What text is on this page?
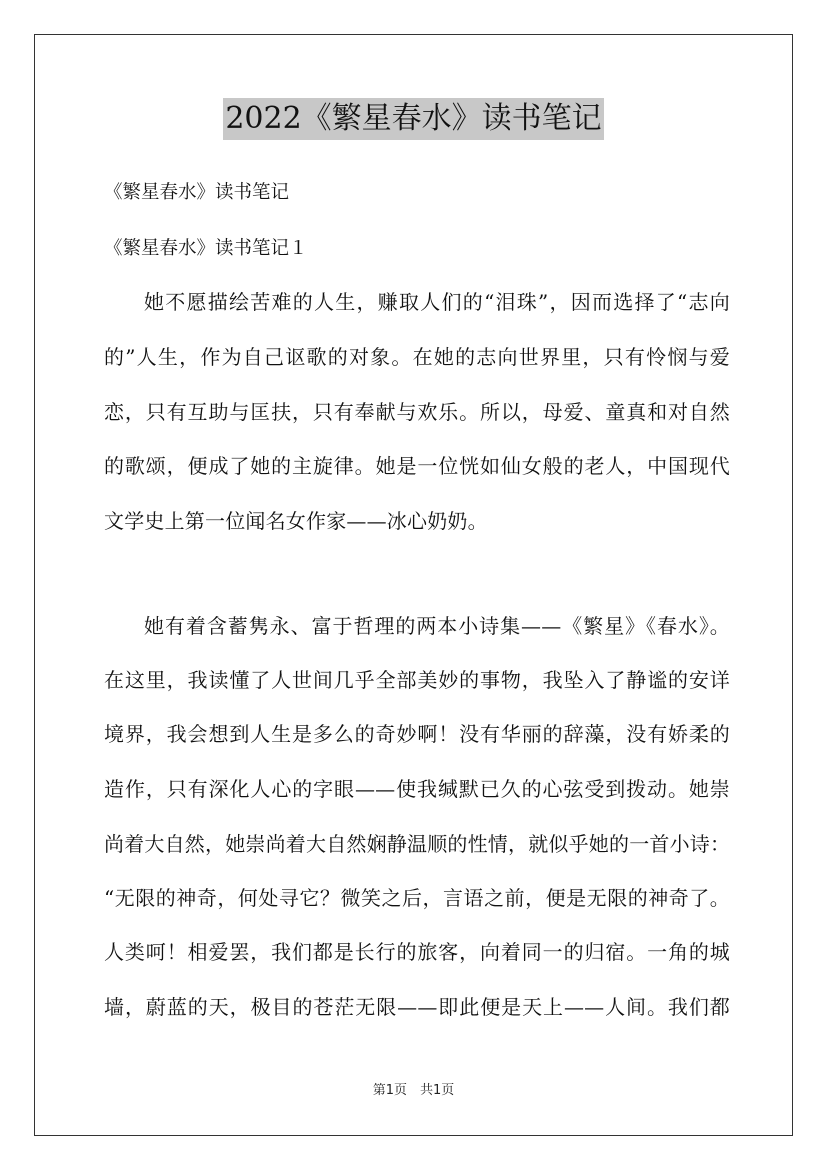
2022《繁星春水》读书笔记
《繁星春水》读书笔记
《繁星春水》读书笔记１
她不愿描绘苦难的人生，赚取人们的“泪珠”，因而选择了“志向
的”人生，作为自己讴歌的对象。在她的志向世界里，只有怜悯与爱
恋，只有互助与匡扶，只有奉献与欢乐。所以，母爱、童真和对自然
的歌颂，便成了她的主旋律。她是一位恍如仙女般的老人，中国现代
文学史上第一位闻名女作家——冰心奶奶。
她有着含蓄隽永、富于哲理的两本小诗集——《繁星》《春水》。
在这里，我读懂了人世间几乎全部美妙的事物，我坠入了静谧的安详
境界，我会想到人生是多么的奇妙啊！没有华丽的辞藻，没有娇柔的
造作，只有深化人心的字眼——使我缄默已久的心弦受到拨动。她崇
尚着大自然，她崇尚着大自然娴静温顺的性情，就似乎她的一首小诗：
“无限的神奇，何处寻它？微笑之后，言语之前，便是无限的神奇了。
人类呵！相爱罢，我们都是长行的旅客，向着同一的归宿。一角的城
墙，蔚蓝的天，极目的苍茫无限——即此便是天上——人间。我们都
第1页　共1页
